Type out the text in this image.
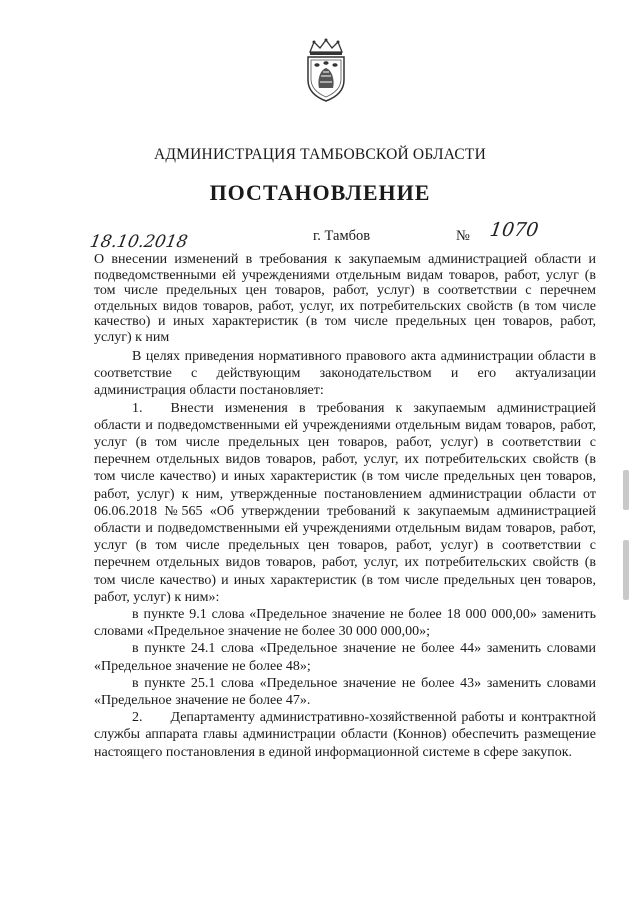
АДМИНИСТРАЦИЯ ТАМБОВСКОЙ ОБЛАСТИ
ПОСТАНОВЛЕНИЕ
18.10.2018	г. Тамбов	№ 1070
О внесении изменений в требования к закупаемым администрацией области и подведомственными ей учреждениями отдельным видам товаров, работ, услуг (в том числе предельных цен товаров, работ, услуг) в соответствии с перечнем отдельных видов товаров, работ, услуг, их потребительских свойств (в том числе качество) и иных характеристик (в том числе предельных цен товаров, работ, услуг) к ним

В целях приведения нормативного правового акта администрации области в соответствие с действующим законодательством и его актуализации администрация области постановляет:

1.  Внести изменения в требования к закупаемым администрацией области и подведомственными ей учреждениями отдельным видам товаров, работ, услуг (в том числе предельных цен товаров, работ, услуг) в соответствии с перечнем отдельных видов товаров, работ, услуг, их потребительских свойств (в том числе качество) и иных характеристик (в том числе предельных цен товаров, работ, услуг) к ним, утвержденные постановлением администрации области от 06.06.2018 №565 «Об утверждении требований к закупаемым администрацией области и подведомственными ей учреждениями отдельным видам товаров, работ, услуг (в том числе предельных цен товаров, работ, услуг) в соответствии с перечнем отдельных видов товаров, работ, услуг, их потребительских свойств (в том числе качество) и иных характеристик (в том числе предельных цен товаров, работ, услуг) к ним»:

в пункте 9.1 слова «Предельное значение не более 18 000 000,00» заменить словами «Предельное значение не более 30 000 000,00»;

в пункте 24.1 слова «Предельное значение не более 44» заменить словами «Предельное значение не более 48»;

в пункте 25.1 слова «Предельное значение не более 43» заменить словами «Предельное значение не более 47».

2.  Департаменту административно-хозяйственной работы и контрактной службы аппарата главы администрации области (Коннов) обеспечить размещение настоящего постановления в единой информационной системе в сфере закупок.
